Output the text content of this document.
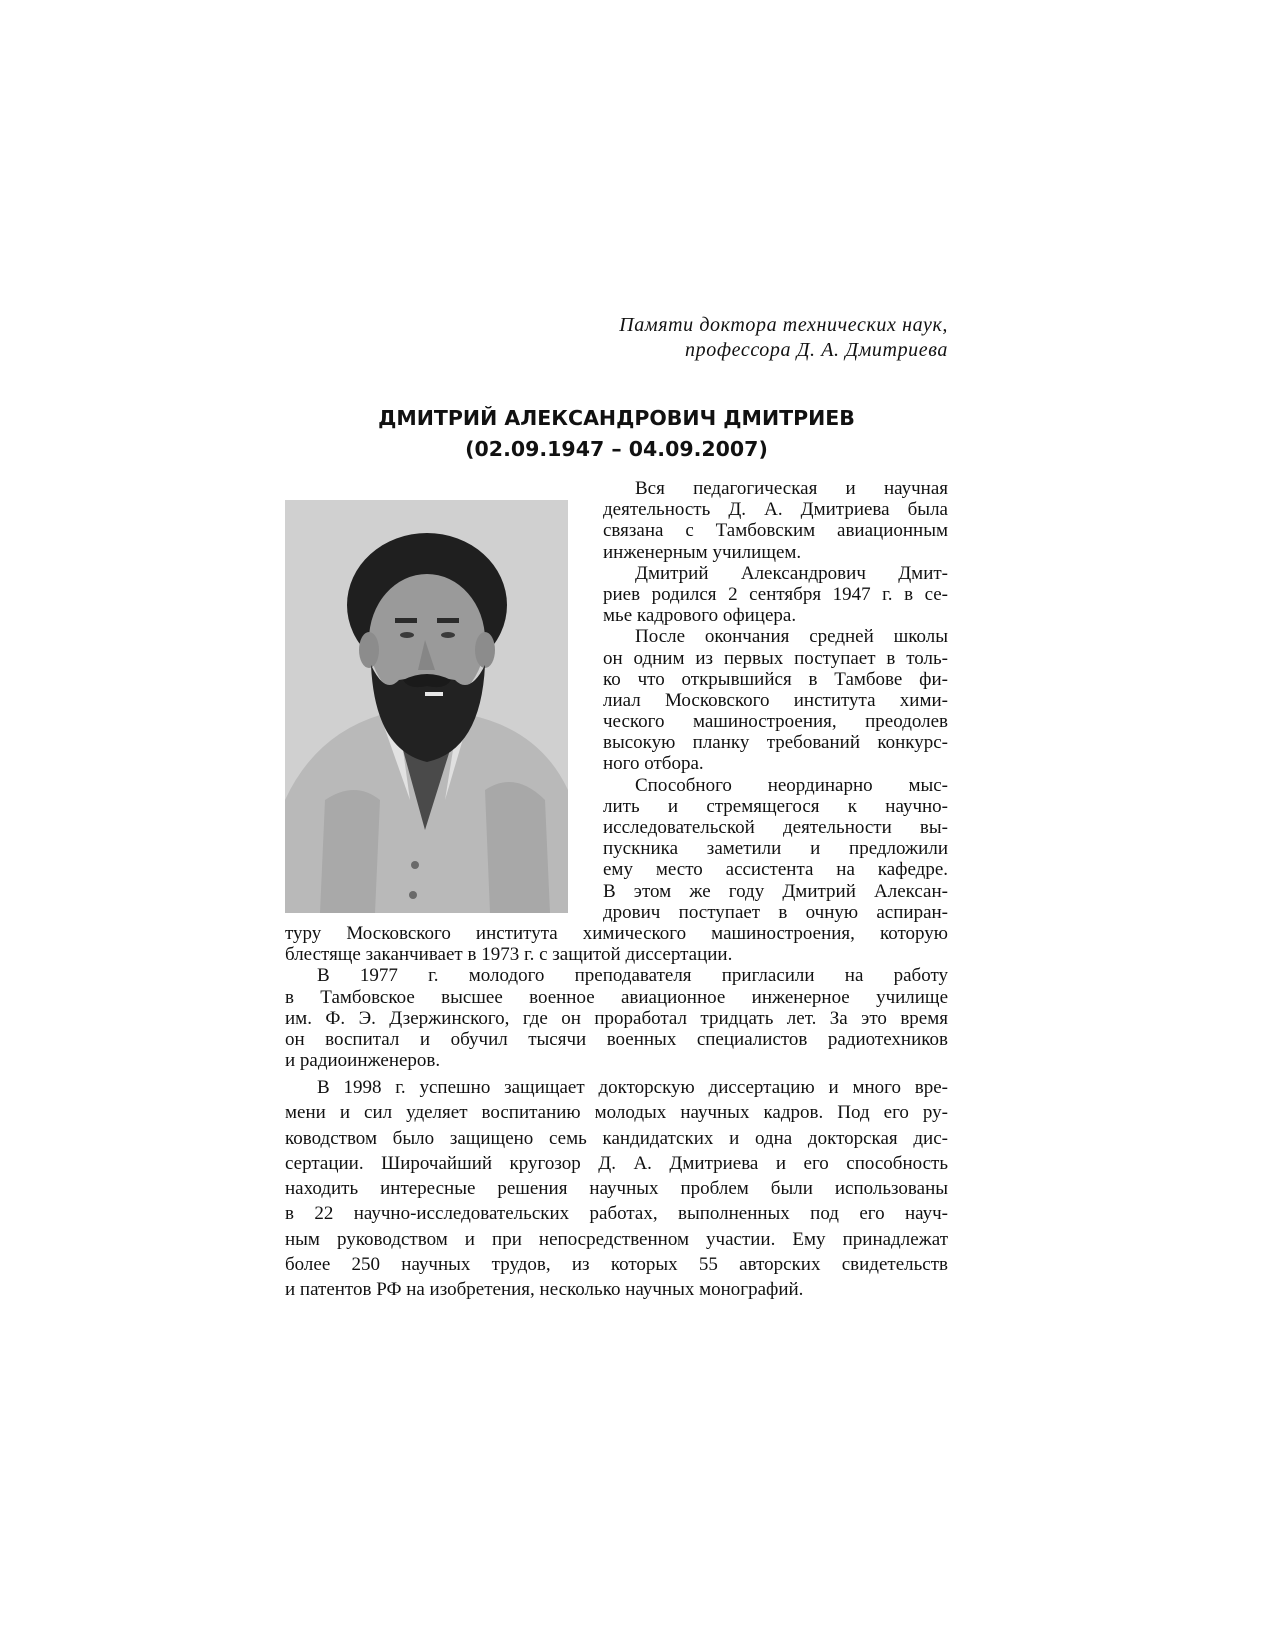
Памяти доктора технических наук,
профессора Д. А. Дмитриева
ДМИТРИЙ АЛЕКСАНДРОВИЧ ДМИТРИЕВ
(02.09.1947 – 04.09.2007)
Вся педагогическая и научная
деятельность Д. А. Дмитриева была
связана с Тамбовским авиационным
инженерным училищем.
Дмитрий Александрович Дмит-
риев родился 2 сентября 1947 г. в се-
мье кадрового офицера.
После окончания средней школы
он одним из первых поступает в толь-
ко что открывшийся в Тамбове фи-
лиал Московского института хими-
ческого машиностроения, преодолев
высокую планку требований конкурс-
ного отбора.
Способного неординарно мыс-
лить и стремящегося к научно-
исследовательской деятельности вы-
пускника заметили и предложили
ему место ассистента на кафедре.
В этом же году Дмитрий Алексан-
дрович поступает в очную аспиран-
туру Московского института химического машиностроения, которую
блестяще заканчивает в 1973 г. с защитой диссертации.
В 1977 г. молодого преподавателя пригласили на работу
в Тамбовское высшее военное авиационное инженерное училище
им. Ф. Э. Дзержинского, где он проработал тридцать лет. За это время
он воспитал и обучил тысячи военных специалистов радиотехников
и радиоинженеров.
В 1998 г. успешно защищает докторскую диссертацию и много вре-
мени и сил уделяет воспитанию молодых научных кадров. Под его ру-
ководством было защищено семь кандидатских и одна докторская дис-
сертации. Широчайший кругозор Д. А. Дмитриева и его способность
находить интересные решения научных проблем были использованы
в 22 научно-исследовательских работах, выполненных под его науч-
ным руководством и при непосредственном участии. Ему принадлежат
более 250 научных трудов, из которых 55 авторских свидетельств
и патентов РФ на изобретения, несколько научных монографий.
